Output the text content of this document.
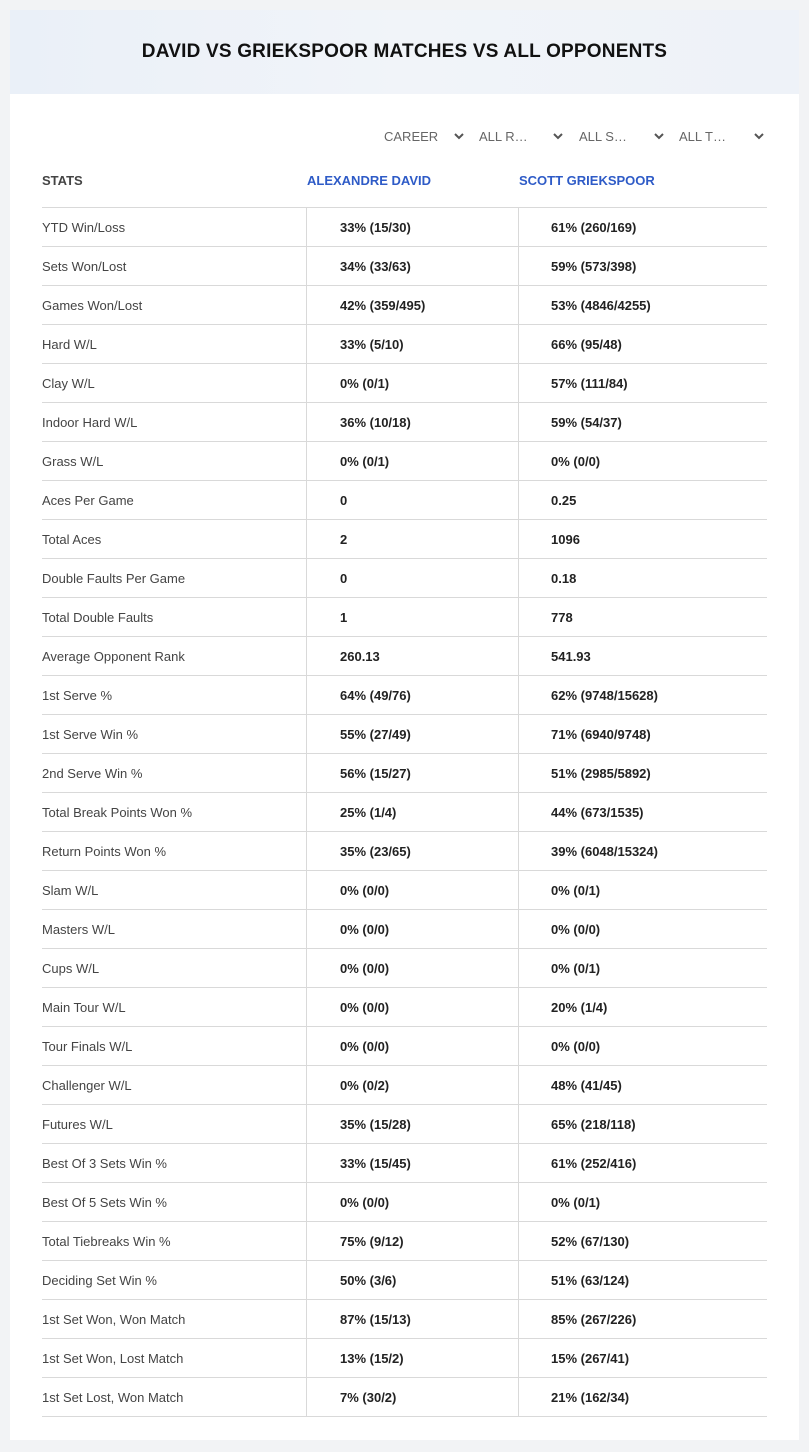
DAVID VS GRIEKSPOOR MATCHES VS ALL OPPONENTS
CAREER	ALL R…	ALL S…	ALL T…
STATS	ALEXANDRE DAVID	SCOTT GRIEKSPOOR
YTD Win/Loss	33% (15/30)	61% (260/169)
Sets Won/Lost	34% (33/63)	59% (573/398)
Games Won/Lost	42% (359/495)	53% (4846/4255)
Hard W/L	33% (5/10)	66% (95/48)
Clay W/L	0% (0/1)	57% (111/84)
Indoor Hard W/L	36% (10/18)	59% (54/37)
Grass W/L	0% (0/1)	0% (0/0)
Aces Per Game	0	0.25
Total Aces	2	1096
Double Faults Per Game	0	0.18
Total Double Faults	1	778
Average Opponent Rank	260.13	541.93
1st Serve %	64% (49/76)	62% (9748/15628)
1st Serve Win %	55% (27/49)	71% (6940/9748)
2nd Serve Win %	56% (15/27)	51% (2985/5892)
Total Break Points Won %	25% (1/4)	44% (673/1535)
Return Points Won %	35% (23/65)	39% (6048/15324)
Slam W/L	0% (0/0)	0% (0/1)
Masters W/L	0% (0/0)	0% (0/0)
Cups W/L	0% (0/0)	0% (0/1)
Main Tour W/L	0% (0/0)	20% (1/4)
Tour Finals W/L	0% (0/0)	0% (0/0)
Challenger W/L	0% (0/2)	48% (41/45)
Futures W/L	35% (15/28)	65% (218/118)
Best Of 3 Sets Win %	33% (15/45)	61% (252/416)
Best Of 5 Sets Win %	0% (0/0)	0% (0/1)
Total Tiebreaks Win %	75% (9/12)	52% (67/130)
Deciding Set Win %	50% (3/6)	51% (63/124)
1st Set Won, Won Match	87% (15/13)	85% (267/226)
1st Set Won, Lost Match	13% (15/2)	15% (267/41)
1st Set Lost, Won Match	7% (30/2)	21% (162/34)
